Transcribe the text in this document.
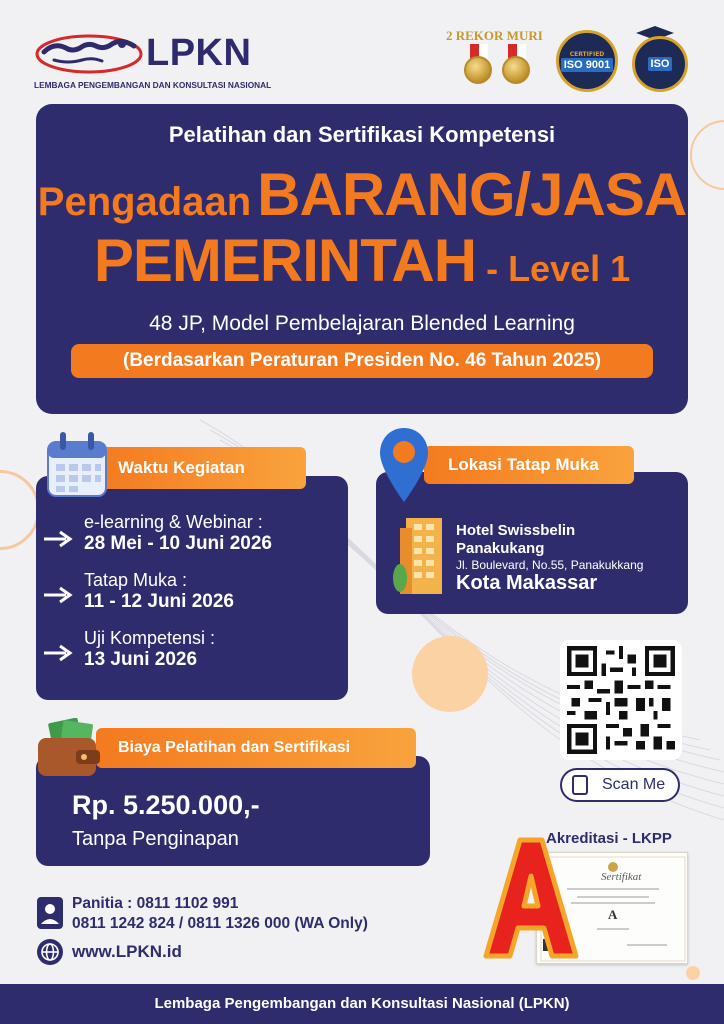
LPKN
LEMBAGA PENGEMBANGAN DAN KONSULTASI NASIONAL
2 REKOR MURI
CERTIFIED
ISO 9001	ISO
Pelatihan dan Sertifikasi Kompetensi
Pengadaan BARANG/JASA
PEMERINTAH - Level 1
48 JP, Model Pembelajaran Blended Learning
(Berdasarkan Peraturan Presiden No. 46 Tahun 2025)
e-learning & Webinar :
28 Mei - 10 Juni 2026
Tatap Muka :
11 - 12 Juni 2026
Uji Kompetensi :
13 Juni 2026
Waktu Kegiatan	Lokasi Tatap Muka
Hotel Swissbelin
Panakukang
Jl. Boulevard, No.55, Panakukkang
Kota Makassar
Scan Me
Biaya Pelatihan dan Sertifikasi
Rp. 5.250.000,-
Tanpa Penginapan	Akreditasi - LKPP
Sertifikat
A
Panitia : 0811 1102 991
0811 1242 824 / 0811 1326 000 (WA Only)
www.LPKN.id
Lembaga Pengembangan dan Konsultasi Nasional (LPKN)
